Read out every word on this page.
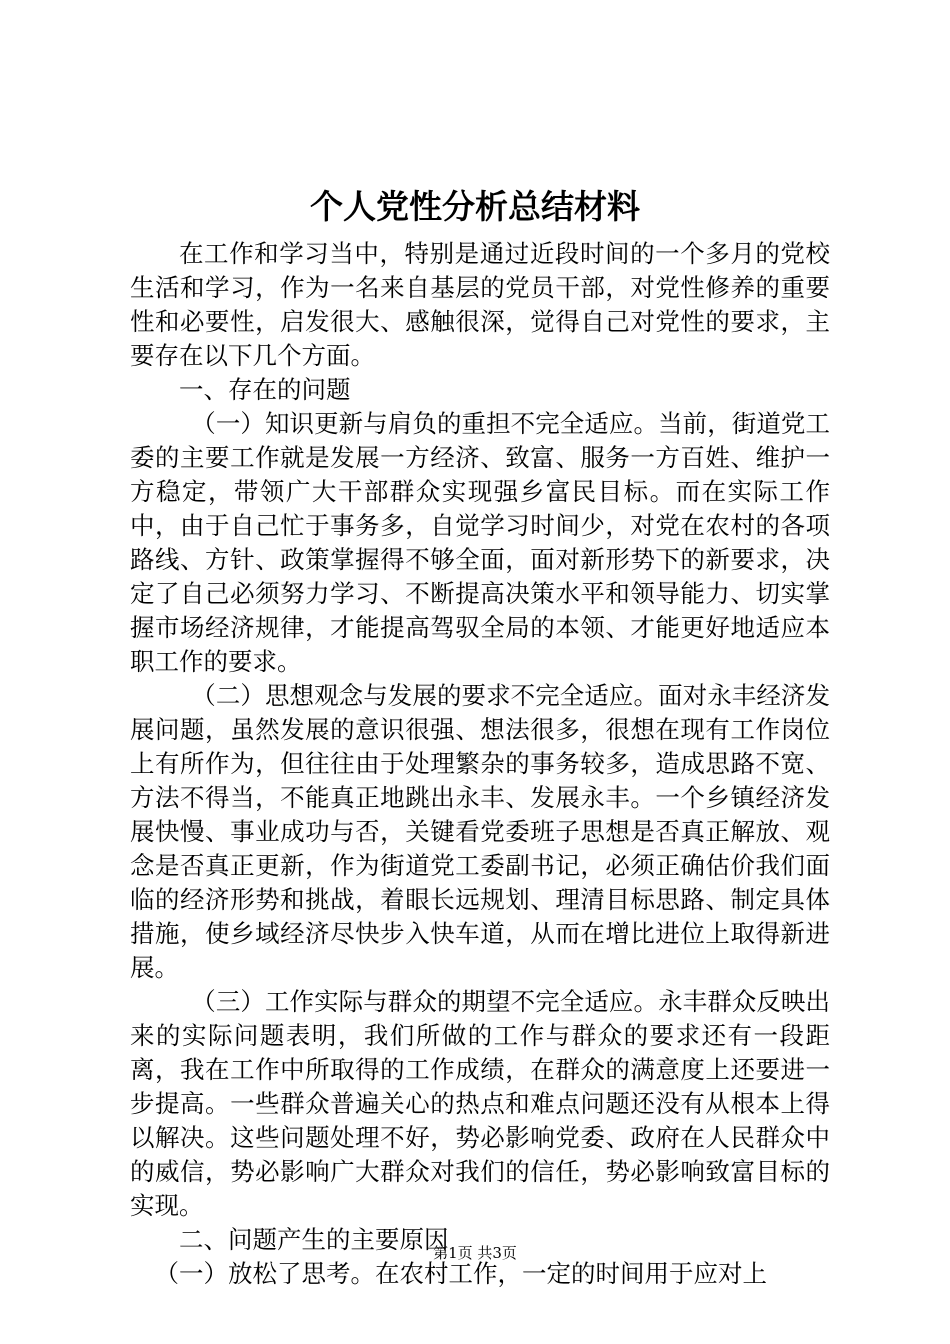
个人党性分析总结材料

在工作和学习当中，特别是通过近段时间的一个多月的党校生活和学习，作为一名来自基层的党员干部，对党性修养的重要性和必要性，启发很大、感触很深，觉得自己对党性的要求，主要存在以下几个方面。

一、存在的问题

（一）知识更新与肩负的重担不完全适应。当前，街道党工委的主要工作就是发展一方经济、致富、服务一方百姓、维护一方稳定，带领广大干部群众实现强乡富民目标。而在实际工作中，由于自己忙于事务多，自觉学习时间少，对党在农村的各项路线、方针、政策掌握得不够全面，面对新形势下的新要求，决定了自己必须努力学习、不断提高决策水平和领导能力、切实掌握市场经济规律，才能提高驾驭全局的本领、才能更好地适应本职工作的要求。

（二）思想观念与发展的要求不完全适应。面对永丰经济发展问题，虽然发展的意识很强、想法很多，很想在现有工作岗位上有所作为，但往往由于处理繁杂的事务较多，造成思路不宽、方法不得当，不能真正地跳出永丰、发展永丰。一个乡镇经济发展快慢、事业成功与否，关键看党委班子思想是否真正解放、观念是否真正更新，作为街道党工委副书记，必须正确估价我们面临的经济形势和挑战，着眼长远规划、理清目标思路、制定具体措施，使乡域经济尽快步入快车道，从而在增比进位上取得新进展。

（三）工作实际与群众的期望不完全适应。永丰群众反映出来的实际问题表明，我们所做的工作与群众的要求还有一段距离，我在工作中所取得的工作成绩，在群众的满意度上还要进一步提高。一些群众普遍关心的热点和难点问题还没有从根本上得以解决。这些问题处理不好，势必影响党委、政府在人民群众中的威信，势必影响广大群众对我们的信任，势必影响致富目标的实现。

二、问题产生的主要原因

（一）放松了思考。在农村工作，一定的时间用于应对上

第1页 共3页
